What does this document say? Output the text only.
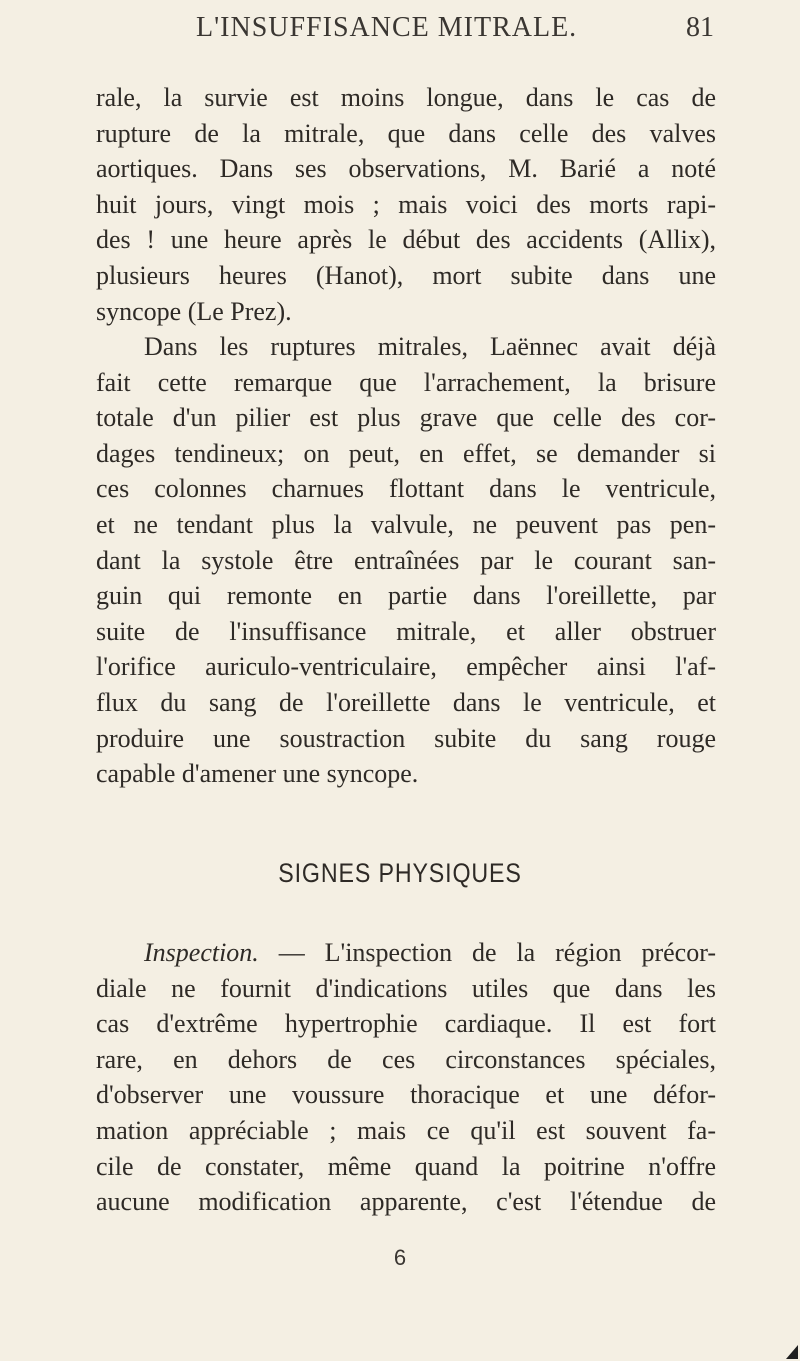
L'INSUFFISANCE MITRALE.	81
rale, la survie est moins longue, dans le cas de
rupture de la mitrale, que dans celle des valves
aortiques. Dans ses observations, M. Barié a noté
huit jours, vingt mois ; mais voici des morts rapi-
des ! une heure après le début des accidents (Allix),
plusieurs heures (Hanot), mort subite dans une
syncope (Le Prez).
Dans les ruptures mitrales, Laënnec avait déjà
fait cette remarque que l'arrachement, la brisure
totale d'un pilier est plus grave que celle des cor-
dages tendineux; on peut, en effet, se demander si
ces colonnes charnues flottant dans le ventricule,
et ne tendant plus la valvule, ne peuvent pas pen-
dant la systole être entraînées par le courant san-
guin qui remonte en partie dans l'oreillette, par
suite de l'insuffisance mitrale, et aller obstruer
l'orifice auriculo-ventriculaire, empêcher ainsi l'af-
flux du sang de l'oreillette dans le ventricule, et
produire une soustraction subite du sang rouge
capable d'amener une syncope.
SIGNES PHYSIQUES
Inspection. — L'inspection de la région précor-
diale ne fournit d'indications utiles que dans les
cas d'extrême hypertrophie cardiaque. Il est fort
rare, en dehors de ces circonstances spéciales,
d'observer une voussure thoracique et une défor-
mation appréciable ; mais ce qu'il est souvent fa-
cile de constater, même quand la poitrine n'offre
aucune modification apparente, c'est l'étendue de
6
